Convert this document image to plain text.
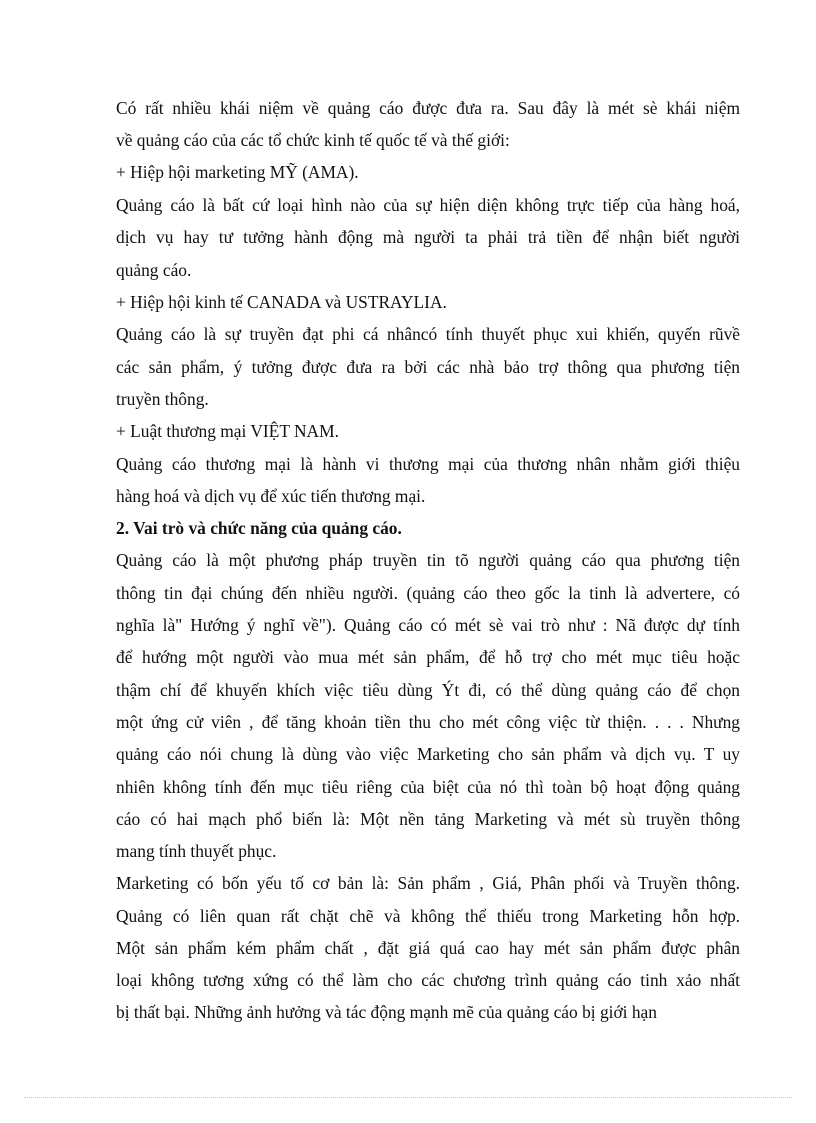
Có rất nhiều khái niệm về quảng cáo được đưa ra. Sau đây là mét sè khái niệm
về quảng cáo của các tổ chức kinh tế quốc tế và thế giới:
+ Hiệp hội marketing MỸ (AMA).
Quảng cáo là bất cứ loại hình nào của sự hiện diện không trực tiếp của hàng hoá,
dịch vụ hay tư tưởng hành động mà người ta phải trả tiền để nhận biết người
quảng cáo.
+ Hiệp hội kinh tế CANADA và USTRAYLIA.
Quảng cáo là sự truyền đạt phi cá nhâncó tính thuyết phục xui khiến, quyến rũvề
các sản phẩm, ý tưởng được đưa ra bởi các nhà bảo trợ thông qua phương tiện
truyền thông.
+ Luật thương mại VIỆT NAM.
Quảng cáo thương mại là hành vi thương mại của thương nhân nhằm giới thiệu
hàng hoá và dịch vụ để xúc tiến thương mại.
2. Vai trò và chức năng của quảng cáo.
Quảng cáo là một phương pháp truyền tin tõ người quảng cáo qua phương tiện
thông tin đại chúng đến nhiều người. (quảng cáo theo gốc la tinh là advertere, có
nghĩa là" Hướng ý nghĩ về"). Quảng cáo có mét sè vai trò như : Nã được dự tính
để hướng một người vào mua mét sản phẩm, để hỗ trợ cho mét mục tiêu hoặc
thậm chí để khuyến khích việc tiêu dùng Ýt đi, có thể dùng quảng cáo để chọn
một ứng cử viên , để tăng khoản tiền thu cho mét công việc từ thiện. . . . Nhưng
quảng cáo nói chung là dùng vào việc Marketing cho sản phẩm và dịch vụ. T uy
nhiên không tính đến mục tiêu riêng của biệt của nó thì toàn bộ hoạt động quảng
cáo có hai mạch phổ biến là: Một nền tảng Marketing và mét sù truyền thông
mang tính thuyết phục.
Marketing có bốn yếu tố cơ bản là: Sản phẩm , Giá, Phân phối và Truyền thông.
Quảng có liên quan rất chặt chẽ và không thể thiếu trong Marketing hỗn hợp.
Một sản phẩm kém phẩm chất , đặt giá quá cao hay mét sản phẩm được phân
loại không tương xứng có thể làm cho các chương trình quảng cáo tinh xảo nhất
bị thất bại. Những ảnh hưởng và tác động mạnh mẽ của quảng cáo bị giới hạn
